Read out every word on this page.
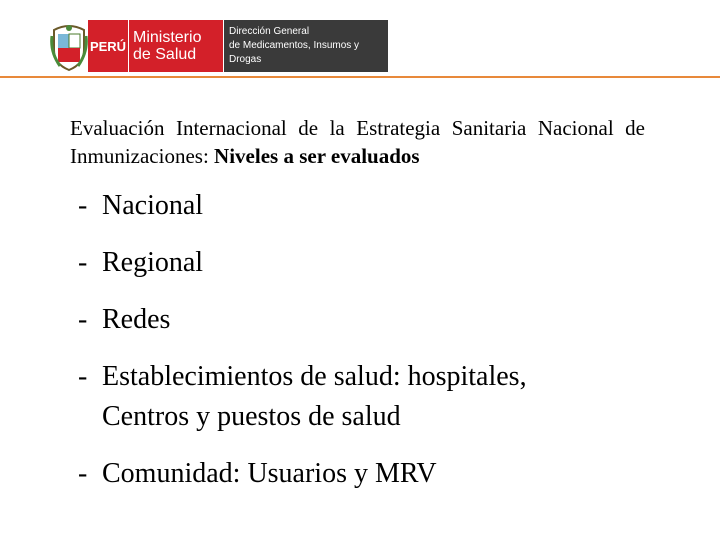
PERÚ Ministerio
de Salud
Dirección General
de Medicamentos, Insumos y Drogas

Evaluación Internacional de la Estrategia Sanitaria Nacional de Inmunizaciones: Niveles a ser evaluados

- Nacional
- Regional
- Redes
- Establecimientos de salud: hospitales, Centros y puestos de salud
- Comunidad: Usuarios y MRV
